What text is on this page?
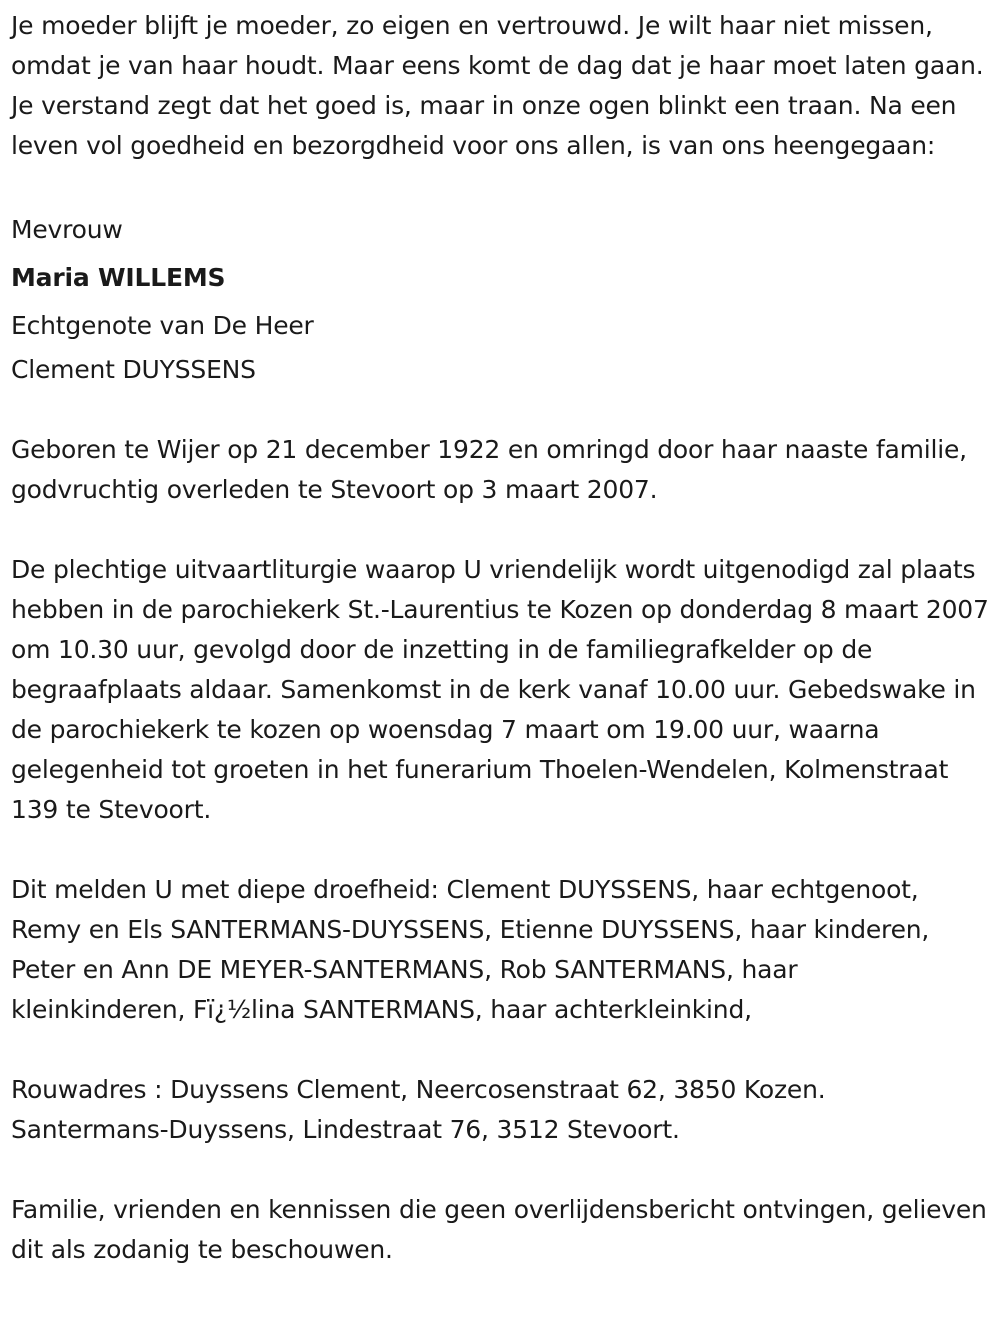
Je moeder blijft je moeder, zo eigen en vertrouwd. Je wilt haar niet missen, omdat je van haar houdt. Maar eens komt de dag dat je haar moet laten gaan. Je verstand zegt dat het goed is, maar in onze ogen blinkt een traan. Na een leven vol goedheid en bezorgdheid voor ons allen, is van ons heengegaan:

Mevrouw

Maria WILLEMS

Echtgenote van De Heer

Clement DUYSSENS

Geboren te Wijer op 21 december 1922 en omringd door haar naaste familie, godvruchtig overleden te Stevoort op 3 maart 2007.

De plechtige uitvaartliturgie waarop U vriendelijk wordt uitgenodigd zal plaats hebben in de parochiekerk St.-Laurentius te Kozen op donderdag 8 maart 2007 om 10.30 uur, gevolgd door de inzetting in de familiegrafkelder op de begraafplaats aldaar. Samenkomst in de kerk vanaf 10.00 uur. Gebedswake in de parochiekerk te kozen op woensdag 7 maart om 19.00 uur, waarna gelegenheid tot groeten in het funerarium Thoelen-Wendelen, Kolmenstraat 139 te Stevoort.

Dit melden U met diepe droefheid: Clement DUYSSENS, haar echtgenoot,

Remy en Els SANTERMANS-DUYSSENS, Etienne DUYSSENS, haar kinderen,

Peter en Ann DE MEYER-SANTERMANS, Rob SANTERMANS, haar

kleinkinderen, Fï¿½lina SANTERMANS, haar achterkleinkind,

Rouwadres : Duyssens Clement, Neercosenstraat 62, 3850 Kozen.

Santermans-Duyssens, Lindestraat 76, 3512 Stevoort.

Familie, vrienden en kennissen die geen overlijdensbericht ontvingen, gelieven dit als zodanig te beschouwen.
